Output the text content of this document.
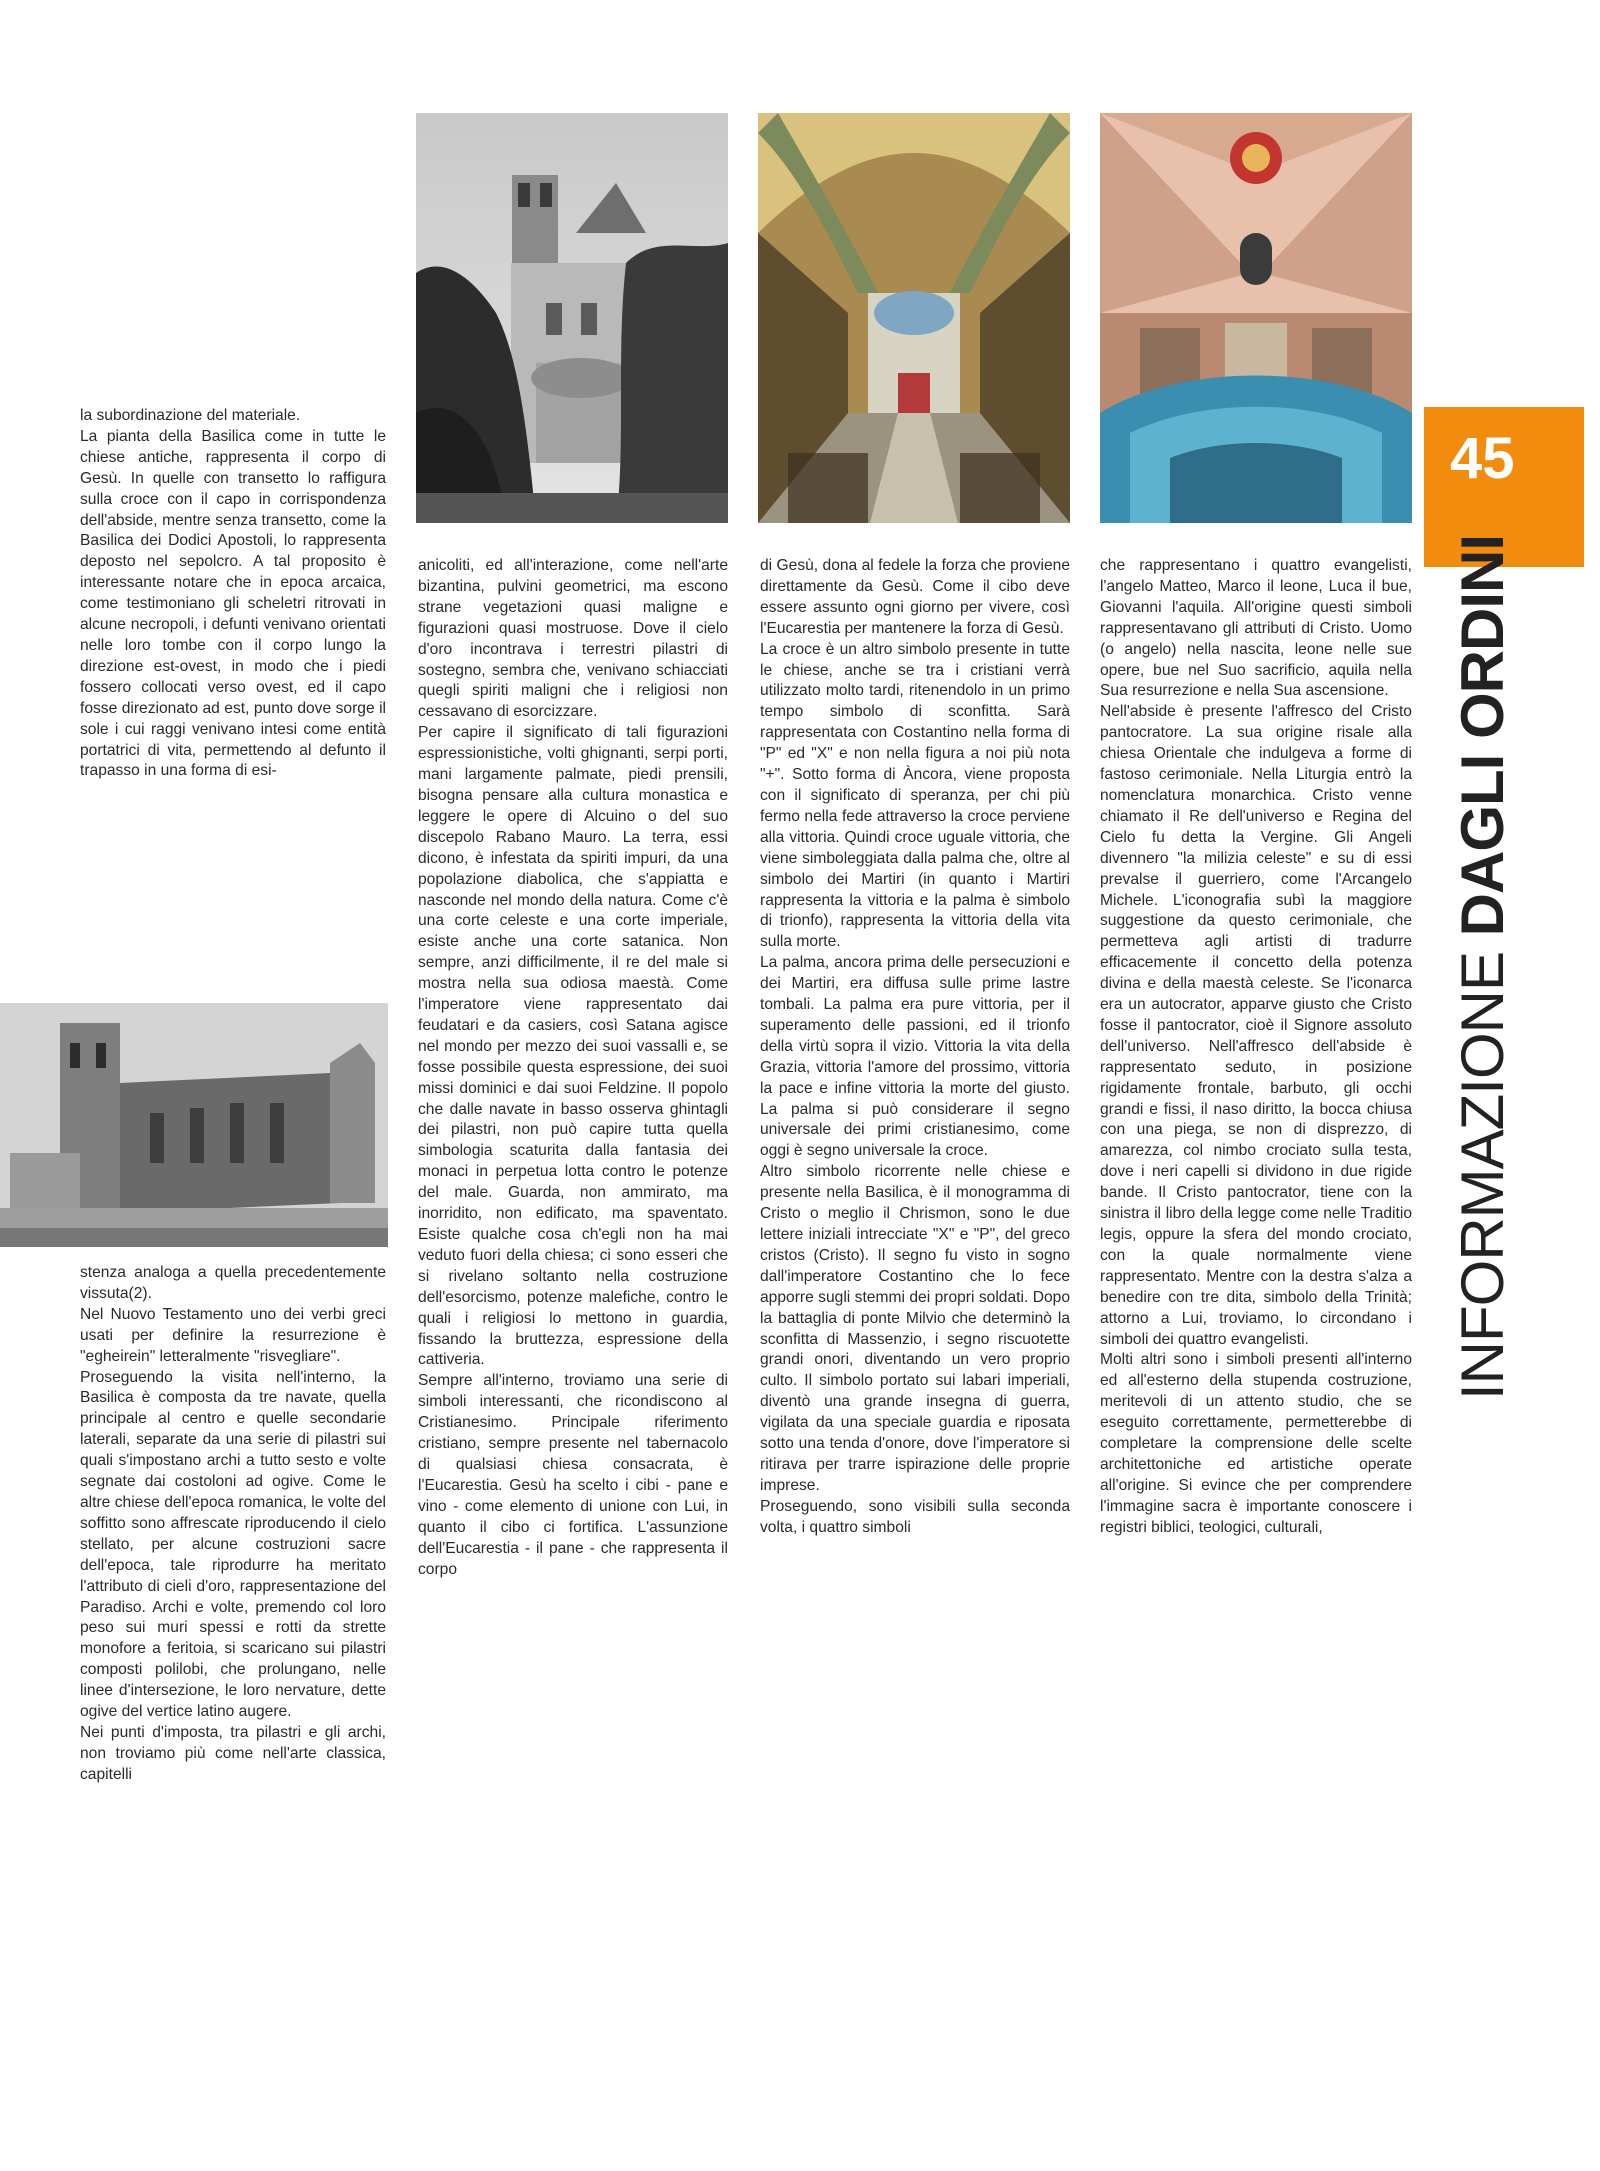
45
INFORMAZIONE DAGLI ORDINI

la subordinazione del materiale.

La pianta della Basilica come in tutte le chiese antiche, rappresenta il corpo di Gesù. In quelle con transetto lo raffigura sulla croce con il capo in corrispondenza dell'abside, mentre senza transetto, come la Basilica dei Dodici Apostoli, lo rappresenta deposto nel sepolcro. A tal proposito è interessante notare che in epoca arcaica, come testimoniano gli scheletri ritrovati in alcune necropoli, i defunti venivano orientati nelle loro tombe con il corpo lungo la direzione est-ovest, in modo che i piedi fossero collocati verso ovest, ed il capo fosse direzionato ad est, punto dove sorge il sole i cui raggi venivano intesi come entità portatrici di vita, permettendo al defunto il trapasso in una forma di esi-

stenza analoga a quella precedentemente vissuta(2).

Nel Nuovo Testamento uno dei verbi greci usati per definire la resurrezione è "egheirein" letteralmente "risvegliare".

Proseguendo la visita nell'interno, la Basilica è composta da tre navate, quella principale al centro e quelle secondarie laterali, separate da una serie di pilastri sui quali s'impostano archi a tutto sesto e volte segnate dai costoloni ad ogive. Come le altre chiese dell'epoca romanica, le volte del soffitto sono affrescate riproducendo il cielo stellato, per alcune costruzioni sacre dell'epoca, tale riprodurre ha meritato l'attributo di cieli d'oro, rappresentazione del Paradiso. Archi e volte, premendo col loro peso sui muri spessi e rotti da strette monofore a feritoia, si scaricano sui pilastri composti polilobi, che prolungano, nelle linee d'intersezione, le loro nervature, dette ogive del vertice latino augere.

Nei punti d'imposta, tra pilastri e gli archi, non troviamo più come nell'arte classica, capitelli

anicoliti, ed all'interazione, come nell'arte bizantina, pulvini geometrici, ma escono strane vegetazioni quasi maligne e figurazioni quasi mostruose. Dove il cielo d'oro incontrava i terrestri pilastri di sostegno, sembra che, venivano schiacciati quegli spiriti maligni che i religiosi non cessavano di esorcizzare.

Per capire il significato di tali figurazioni espressionistiche, volti ghignanti, serpi porti, mani largamente palmate, piedi prensili, bisogna pensare alla cultura monastica e leggere le opere di Alcuino o del suo discepolo Rabano Mauro. La terra, essi dicono, è infestata da spiriti impuri, da una popolazione diabolica, che s'appiatta e nasconde nel mondo della natura. Come c'è una corte celeste e una corte imperiale, esiste anche una corte satanica. Non sempre, anzi difficilmente, il re del male si mostra nella sua odiosa maestà. Come l'imperatore viene rappresentato dai feudatari e da casiers, così Satana agisce nel mondo per mezzo dei suoi vassalli e, se fosse possibile questa espressione, dei suoi missi dominici e dai suoi Feldzine. Il popolo che dalle navate in basso osserva ghintagli dei pilastri, non può capire tutta quella simbologia scaturita dalla fantasia dei monaci in perpetua lotta contro le potenze del male. Guarda, non ammirato, ma inorridito, non edificato, ma spaventato. Esiste qualche cosa ch'egli non ha mai veduto fuori della chiesa; ci sono esseri che si rivelano soltanto nella costruzione dell'esorcismo, potenze malefiche, contro le quali i religiosi lo mettono in guardia, fissando la bruttezza, espressione della cattiveria.

Sempre all'interno, troviamo una serie di simboli interessanti, che ricondiscono al Cristianesimo. Principale riferimento cristiano, sempre presente nel tabernacolo di qualsiasi chiesa consacrata, è l'Eucarestia. Gesù ha scelto i cibi - pane e vino - come elemento di unione con Lui, in quanto il cibo ci fortifica. L'assunzione dell'Eucarestia - il pane - che rappresenta il corpo

di Gesù, dona al fedele la forza che proviene direttamente da Gesù. Come il cibo deve essere assunto ogni giorno per vivere, così l'Eucarestia per mantenere la forza di Gesù.

La croce è un altro simbolo presente in tutte le chiese, anche se tra i cristiani verrà utilizzato molto tardi, ritenendolo in un primo tempo simbolo di sconfitta. Sarà rappresentata con Costantino nella forma di "P" ed "X" e non nella figura a noi più nota "+". Sotto forma di Àncora, viene proposta con il significato di speranza, per chi più fermo nella fede attraverso la croce perviene alla vittoria. Quindi croce uguale vittoria, che viene simboleggiata dalla palma che, oltre al simbolo dei Martiri (in quanto i Martiri rappresenta la vittoria e la palma è simbolo di trionfo), rappresenta la vittoria della vita sulla morte.

La palma, ancora prima delle persecuzioni e dei Martiri, era diffusa sulle prime lastre tombali. La palma era pure vittoria, per il superamento delle passioni, ed il trionfo della virtù sopra il vizio. Vittoria la vita della Grazia, vittoria l'amore del prossimo, vittoria la pace e infine vittoria la morte del giusto. La palma si può considerare il segno universale dei primi cristianesimo, come oggi è segno universale la croce.

Altro simbolo ricorrente nelle chiese e presente nella Basilica, è il monogramma di Cristo o meglio il Chrismon, sono le due lettere iniziali intrecciate "X" e "P", del greco cristos (Cristo). Il segno fu visto in sogno dall'imperatore Costantino che lo fece apporre sugli stemmi dei propri soldati. Dopo la battaglia di ponte Milvio che determinò la sconfitta di Massenzio, i segno riscuotette grandi onori, diventando un vero proprio culto. Il simbolo portato sui labari imperiali, diventò una grande insegna di guerra, vigilata da una speciale guardia e riposata sotto una tenda d'onore, dove l'imperatore si ritirava per trarre ispirazione delle proprie imprese.

Proseguendo, sono visibili sulla seconda volta, i quattro simboli

che rappresentano i quattro evangelisti, l'angelo Matteo, Marco il leone, Luca il bue, Giovanni l'aquila. All'origine questi simboli rappresentavano gli attributi di Cristo. Uomo (o angelo) nella nascita, leone nelle sue opere, bue nel Suo sacrificio, aquila nella Sua resurrezione e nella Sua ascensione.

Nell'abside è presente l'affresco del Cristo pantocratore. La sua origine risale alla chiesa Orientale che indulgeva a forme di fastoso cerimoniale. Nella Liturgia entrò la nomenclatura monarchica. Cristo venne chiamato il Re dell'universo e Regina del Cielo fu detta la Vergine. Gli Angeli divennero "la milizia celeste" e su di essi prevalse il guerriero, come l'Arcangelo Michele. L'iconografia subì la maggiore suggestione da questo cerimoniale, che permetteva agli artisti di tradurre efficacemente il concetto della potenza divina e della maestà celeste. Se l'iconarca era un autocrator, apparve giusto che Cristo fosse il pantocrator, cioè il Signore assoluto dell'universo. Nell'affresco dell'abside è rappresentato seduto, in posizione rigidamente frontale, barbuto, gli occhi grandi e fissi, il naso diritto, la bocca chiusa con una piega, se non di disprezzo, di amarezza, col nimbo crociato sulla testa, dove i neri capelli si dividono in due rigide bande. Il Cristo pantocrator, tiene con la sinistra il libro della legge come nelle Traditio legis, oppure la sfera del mondo crociato, con la quale normalmente viene rappresentato. Mentre con la destra s'alza a benedire con tre dita, simbolo della Trinità; attorno a Lui, troviamo, lo circondano i simboli dei quattro evangelisti.

Molti altri sono i simboli presenti all'interno ed all'esterno della stupenda costruzione, meritevoli di un attento studio, che se eseguito correttamente, permetterebbe di completare la comprensione delle scelte architettoniche ed artistiche operate all'origine. Si evince che per comprendere l'immagine sacra è importante conoscere i registri biblici, teologici, culturali,
